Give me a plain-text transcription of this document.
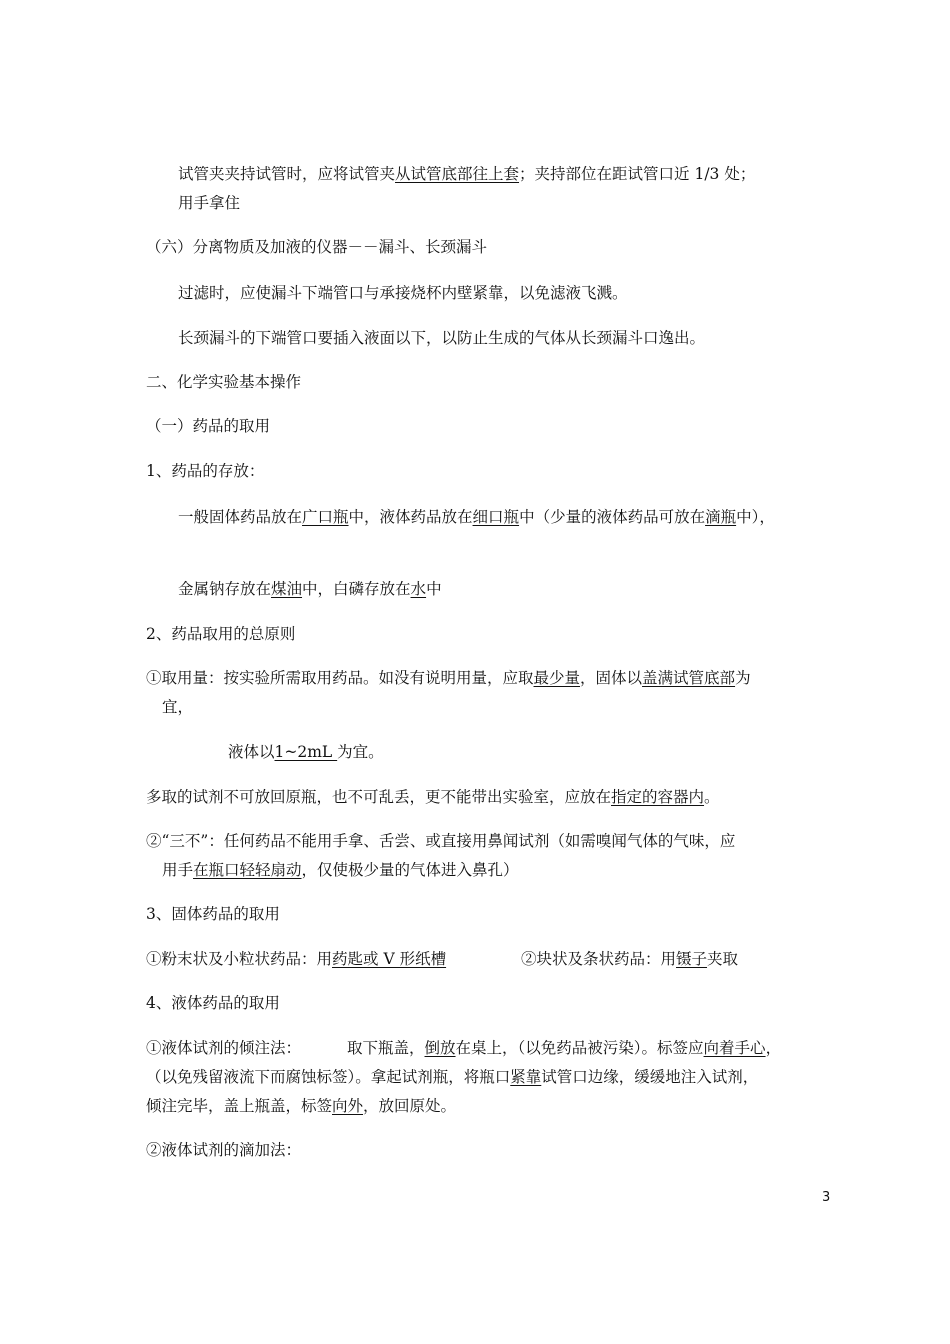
试管夹夹持试管时，应将试管夹从试管底部往上套；夹持部位在距试管口近 1/3 处；
用手拿住
（六）分离物质及加液的仪器－－漏斗、长颈漏斗
过滤时，应使漏斗下端管口与承接烧杯内壁紧靠，以免滤液飞溅。
长颈漏斗的下端管口要插入液面以下，以防止生成的气体从长颈漏斗口逸出。
二、化学实验基本操作
（一）药品的取用
1、药品的存放：
一般固体药品放在广口瓶中，液体药品放在细口瓶中（少量的液体药品可放在滴瓶中），
金属钠存放在煤油中，白磷存放在水中
2、药品取用的总原则
①取用量：按实验所需取用药品。如没有说明用量，应取最少量，固体以盖满试管底部为
宜，
液体以1~2mL 为宜。
多取的试剂不可放回原瓶，也不可乱丢，更不能带出实验室，应放在指定的容器内。
②“三不”：任何药品不能用手拿、舌尝、或直接用鼻闻试剂（如需嗅闻气体的气味，应
用手在瓶口轻轻扇动，仅使极少量的气体进入鼻孔）
3、固体药品的取用
①粉末状及小粒状药品：用药匙或 V 形纸槽	②块状及条状药品：用镊子夹取
4、液体药品的取用
①液体试剂的倾注法：	取下瓶盖，倒放在桌上，（以免药品被污染）。标签应向着手心，
（以免残留液流下而腐蚀标签）。拿起试剂瓶，将瓶口紧靠试管口边缘，缓缓地注入试剂，
倾注完毕，盖上瓶盖，标签向外，放回原处。
②液体试剂的滴加法：
3
